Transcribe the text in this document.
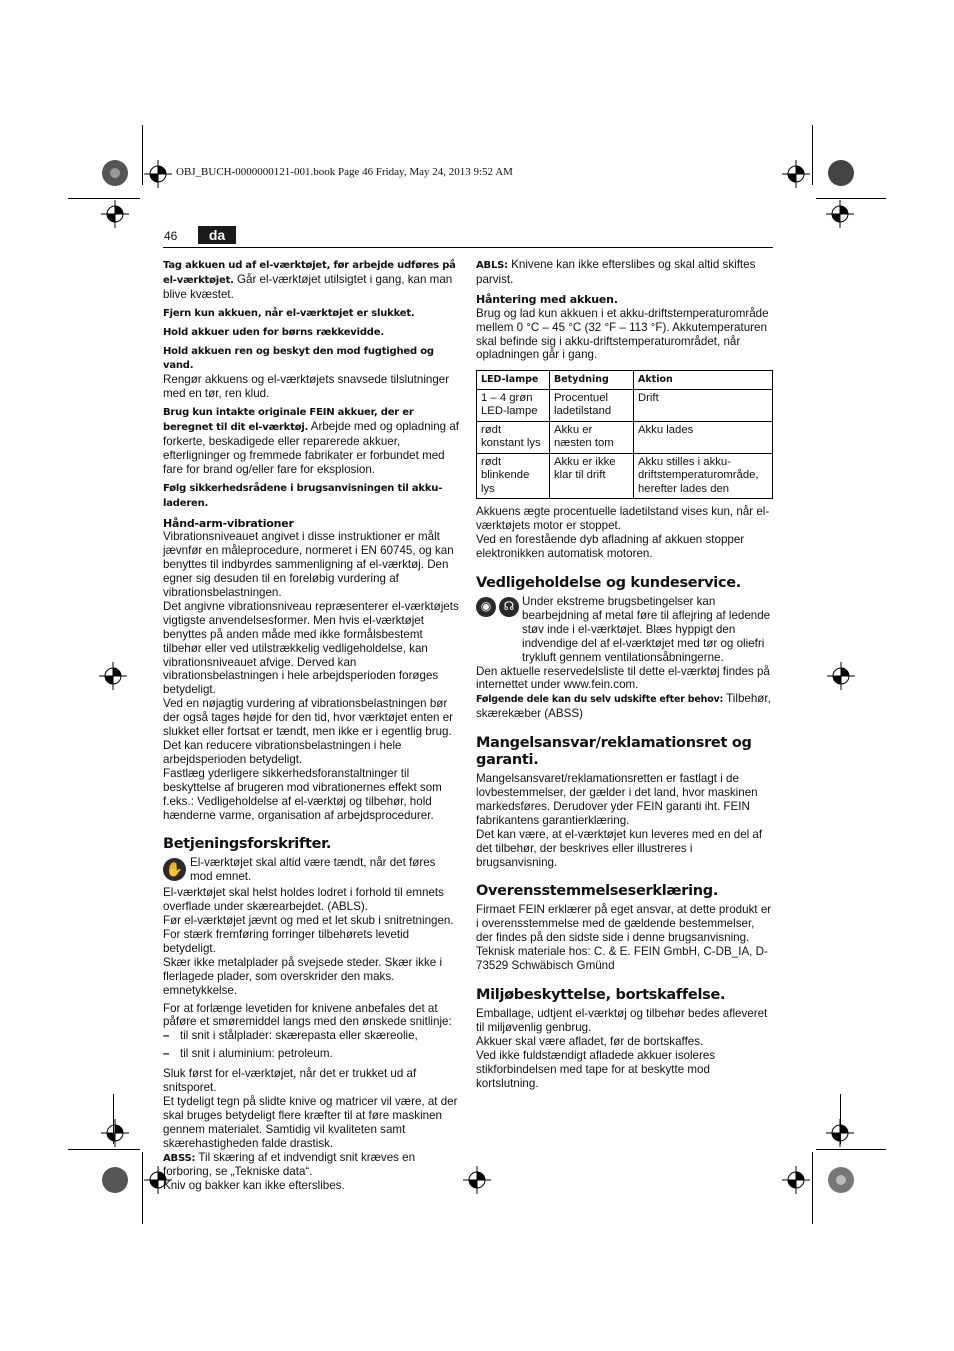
OBJ_BUCH-0000000121-001.book Page 46 Friday, May 24, 2013 9:52 AM
46	da

Tag akkuen ud af el-værktøjet, før arbejde udføres på el-værktøjet. Går el-værktøjet utilsigtet i gang, kan man blive kvæstet.

Fjern kun akkuen, når el-værktøjet er slukket.

Hold akkuer uden for børns rækkevidde.

Hold akkuen ren og beskyt den mod fugtighed og vand.
Rengør akkuens og el-værktøjets snavsede tilslutninger med en tør, ren klud.

Brug kun intakte originale FEIN akkuer, der er beregnet til dit el-værktøj. Arbejde med og opladning af forkerte, beskadigede eller reparerede akkuer, efterligninger og fremmede fabrikater er forbundet med fare for brand og/eller fare for eksplosion.

Følg sikkerhedsrådene i brugsanvisningen til akku-laderen.

Hånd-arm-vibrationer

Vibrationsniveauet angivet i disse instruktioner er målt jævnfør en måleprocedure, normeret i EN 60745, og kan benyttes til indbyrdes sammenligning af el-værktøj. Den egner sig desuden til en foreløbig vurdering af vibrationsbelastningen.

Det angivne vibrationsniveau repræsenterer el-værktøjets vigtigste anvendelsesformer. Men hvis el-værktøjet benyttes på anden måde med ikke formålsbestemt tilbehør eller ved utilstrækkelig vedligeholdelse, kan vibrationsniveauet afvige. Derved kan vibrationsbelastningen i hele arbejdsperioden forøges betydeligt.

Ved en nøjagtig vurdering af vibrationsbelastningen bør der også tages højde for den tid, hvor værktøjet enten er slukket eller fortsat er tændt, men ikke er i egentlig brug. Det kan reducere vibrationsbelastningen i hele arbejdsperioden betydeligt.

Fastlæg yderligere sikkerhedsforanstaltninger til beskyttelse af brugeren mod vibrationernes effekt som f.eks.: Vedligeholdelse af el-værktøj og tilbehør, hold hænderne varme, organisation af arbejdsprocedurer.

Betjeningsforskrifter.
✋ El-værktøjet skal altid være tændt, når det føres mod emnet.

El-værktøjet skal helst holdes lodret i forhold til emnets overflade under skærearbejdet. (ABLS).

Før el-værktøjet jævnt og med et let skub i snitretningen. For stærk fremføring forringer tilbehørets levetid betydeligt.

Skær ikke metalplader på svejsede steder. Skær ikke i flerlagede plader, som overskrider den maks. emnetykkelse.

For at forlænge levetiden for knivene anbefales det at påføre et smøremiddel langs med den ønskede snitlinje:

– til snit i stålplader: skærepasta eller skæreolie,

– til snit i aluminium: petroleum.

Sluk først for el-værktøjet, når det er trukket ud af snitsporet.

Et tydeligt tegn på slidte knive og matricer vil være, at der skal bruges betydeligt flere kræfter til at føre maskinen gennem materialet. Samtidig vil kvaliteten samt skærehastigheden falde drastisk.

ABSS: Til skæring af et indvendigt snit kræves en forboring, se „Tekniske data“.

Kniv og bakker kan ikke efterslibes.

ABLS: Knivene kan ikke efterslibes og skal altid skiftes parvist.

Håntering med akkuen.

Brug og lad kun akkuen i et akku-driftstemperaturområde mellem 0 °C – 45 °C (32 °F – 113 °F). Akkutemperaturen skal befinde sig i akku-driftstemperaturområdet, når opladningen går i gang.

LED-lampe	Betydning	Aktion
1 – 4 grøn LED-lampe	Procentuel ladetilstand	Drift
rødt konstant lys	Akku er næsten tom	Akku lades
rødt blinkende lys	Akku er ikke klar til drift	Akku stilles i akku-driftstemperaturområde, herefter lades den

Akkuens ægte procentuelle ladetilstand vises kun, når el-værktøjets motor er stoppet.

Ved en forestående dyb afladning af akkuen stopper elektronikken automatisk motoren.

Vedligeholdelse og kundeservice.
◉	☊ Under ekstreme brugsbetingelser kan bearbejdning af metal føre til aflejring af ledende støv inde i el-værktøjet. Blæs hyppigt den indvendige del af el-værktøjet med tør og oliefri trykluft gennem ventilationsåbningerne.

Den aktuelle reservedelsliste til dette el-værktøj findes på internettet under www.fein.com.

Følgende dele kan du selv udskifte efter behov: Tilbehør, skærekæber (ABSS)

Mangelsansvar/reklamationsret og garanti.

Mangelsansvaret/reklamationsretten er fastlagt i de lovbestemmelser, der gælder i det land, hvor maskinen markedsføres. Derudover yder FEIN garanti iht. FEIN fabrikantens garantierklæring.

Det kan være, at el-værktøjet kun leveres med en del af det tilbehør, der beskrives eller illustreres i brugsanvisning.

Overensstemmelseserklæring.

Firmaet FEIN erklærer på eget ansvar, at dette produkt er i overensstemmelse med de gældende bestemmelser, der findes på den sidste side i denne brugsanvisning.

Teknisk materiale hos: C. & E. FEIN GmbH, C-DB_IA, D-73529 Schwäbisch Gmünd

Miljøbeskyttelse, bortskaffelse.

Emballage, udtjent el-værktøj og tilbehør bedes afleveret til miljøvenlig genbrug.

Akkuer skal være afladet, før de bortskaffes.

Ved ikke fuldstændigt afladede akkuer isoleres stikforbindelsen med tape for at beskytte mod kortslutning.
